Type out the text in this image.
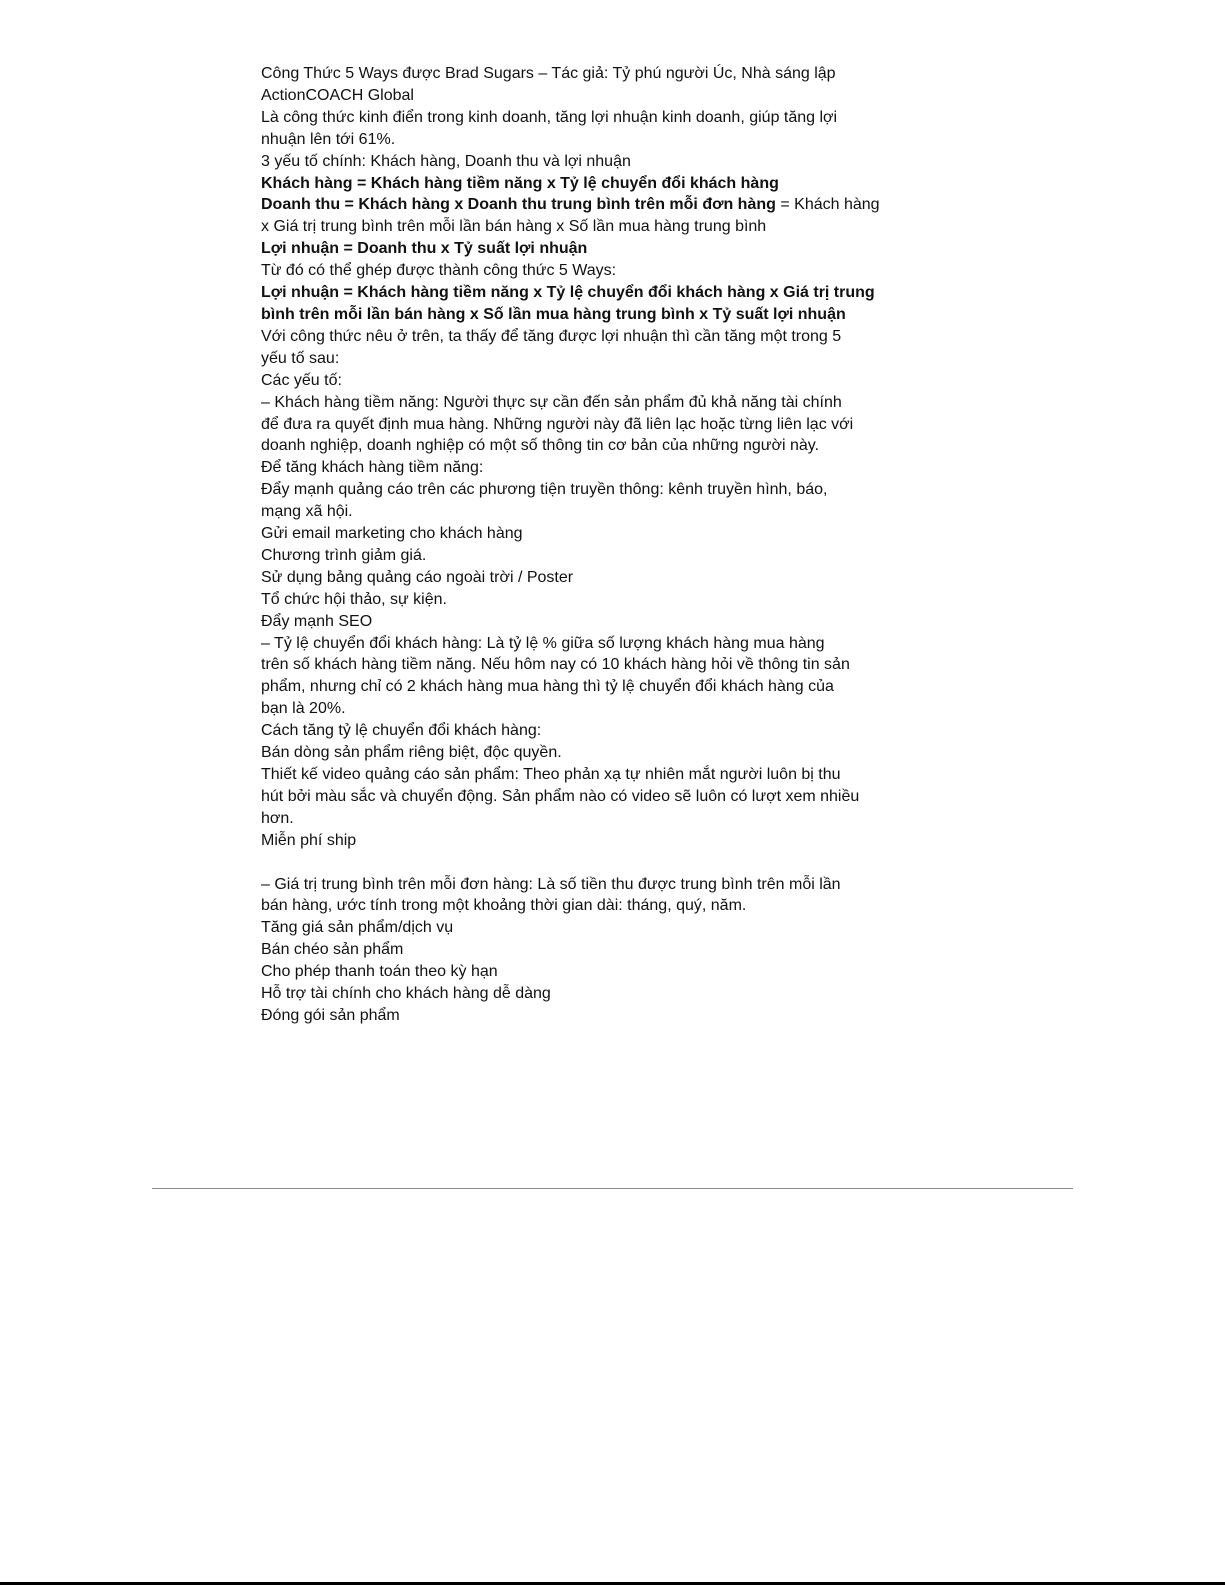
Công Thức 5 Ways được Brad Sugars – Tác giả: Tỷ phú người Úc, Nhà sáng lập

ActionCOACH Global

Là công thức kinh điển trong kinh doanh, tăng lợi nhuận kinh doanh, giúp tăng lợi

nhuận lên tới 61%.

3 yếu tố chính: Khách hàng, Doanh thu và lợi nhuận

Khách hàng = Khách hàng tiềm năng x Tỷ lệ chuyển đổi khách hàng

Doanh thu = Khách hàng x Doanh thu trung bình trên mỗi đơn hàng = Khách hàng

x Giá trị trung bình trên mỗi lần bán hàng x Số lần mua hàng trung bình

Lợi nhuận = Doanh thu x Tỷ suất lợi nhuận

Từ đó có thể ghép được thành công thức 5 Ways:

Lợi nhuận = Khách hàng tiềm năng x Tỷ lệ chuyển đổi khách hàng x Giá trị trung

bình trên mỗi lần bán hàng x Số lần mua hàng trung bình x Tỷ suất lợi nhuận

Với công thức nêu ở trên, ta thấy để tăng được lợi nhuận thì cần tăng một trong 5

yếu tố sau:

Các yếu tố:

– Khách hàng tiềm năng: Người thực sự cần đến sản phẩm đủ khả năng tài chính

để đưa ra quyết định mua hàng. Những người này đã liên lạc hoặc từng liên lạc với

doanh nghiệp, doanh nghiệp có một số thông tin cơ bản của những người này.

Để tăng khách hàng tiềm năng:

Đẩy mạnh quảng cáo trên các phương tiện truyền thông: kênh truyền hình, báo,

mạng xã hội.

Gửi email marketing cho khách hàng

Chương trình giảm giá.

Sử dụng bảng quảng cáo ngoài trời / Poster

Tổ chức hội thảo, sự kiện.

Đẩy mạnh SEO

– Tỷ lệ chuyển đổi khách hàng: Là tỷ lệ % giữa số lượng khách hàng mua hàng

trên số khách hàng tiềm năng. Nếu hôm nay có 10 khách hàng hỏi về thông tin sản

phẩm, nhưng chỉ có 2 khách hàng mua hàng thì tỷ lệ chuyển đổi khách hàng của

bạn là 20%.

Cách tăng tỷ lệ chuyển đổi khách hàng:

Bán dòng sản phẩm riêng biệt, độc quyền.

Thiết kế video quảng cáo sản phẩm: Theo phản xạ tự nhiên mắt người luôn bị thu

hút bởi màu sắc và chuyển động. Sản phẩm nào có video sẽ luôn có lượt xem nhiều

hơn.

Miễn phí ship

– Giá trị trung bình trên mỗi đơn hàng: Là số tiền thu được trung bình trên mỗi lần

bán hàng, ước tính trong một khoảng thời gian dài: tháng, quý, năm.

Tăng giá sản phẩm/dịch vụ

Bán chéo sản phẩm

Cho phép thanh toán theo kỳ hạn

Hỗ trợ tài chính cho khách hàng dễ dàng

Đóng gói sản phẩm
